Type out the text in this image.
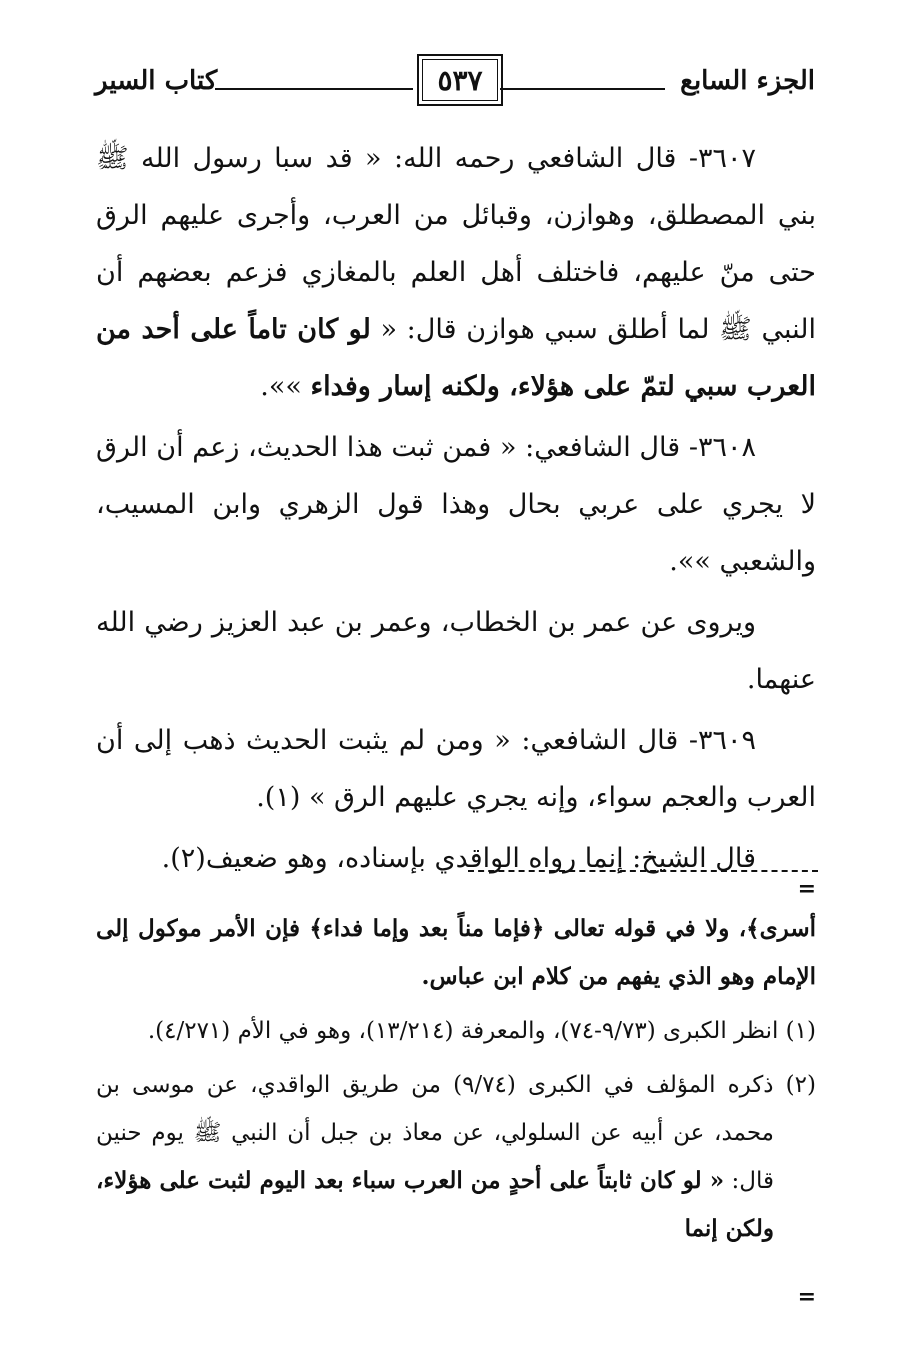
الجزء السابع
٥٣٧
كتاب السير

٣٦٠٧- قال الشافعي رحمه الله: « قد سبا رسول الله ﷺ بني المصطلق، وهوازن، وقبائل من العرب، وأجرى عليهم الرق حتى منّ عليهم، فاختلف أهل العلم بالمغازي فزعم بعضهم أن النبي ﷺ لما أطلق سبي هوازن قال: « لو كان تاماً على أحد من العرب سبي لتمّ على هؤلاء، ولكنه إسار وفداء »».

٣٦٠٨- قال الشافعي: « فمن ثبت هذا الحديث، زعم أن الرق لا يجري على عربي بحال وهذا قول الزهري وابن المسيب، والشعبي »».

ويروى عن عمر بن الخطاب، وعمر بن عبد العزيز رضي الله عنهما.

٣٦٠٩- قال الشافعي: « ومن لم يثبت الحديث ذهب إلى أن العرب والعجم سواء، وإنه يجري عليهم الرق » (١).

قال الشيخ: إنما رواه الواقدي بإسناده، وهو ضعيف(٢).

=

أسرى﴾، ولا في قوله تعالى ﴿فإما مناً بعد وإما فداء﴾ فإن الأمر موكول إلى الإمام وهو الذي يفهم من كلام ابن عباس.

(١) انظر الكبرى (٩/٧٣-٧٤)، والمعرفة (١٣/٢١٤)، وهو في الأم (٤/٢٧١).

(٢) ذكره المؤلف في الكبرى (٩/٧٤) من طريق الواقدي، عن موسى بن محمد، عن أبيه عن السلولي، عن معاذ بن جبل أن النبي ﷺ يوم حنين قال: « لو كان ثابتاً على أحدٍ من العرب سباء بعد اليوم لثبت على هؤلاء، ولكن إنما

=
